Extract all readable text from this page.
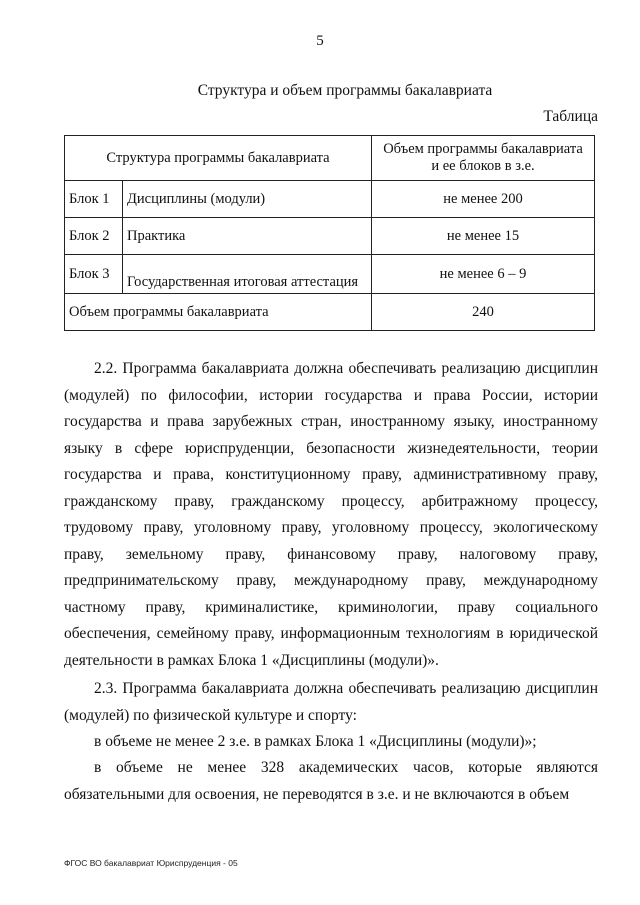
5
Структура и объем программы бакалавриата
Таблица
Структура программы бакалавриата		Объем программы бакалавриата
и ее блоков в з.е.
Блок 1	Дисциплины (модули)	не менее 200
Блок 2	Практика	не менее 15
Блок 3	Государственная итоговая аттестация	не менее 6 – 9
Объем программы бакалавриата		240

2.2. Программа бакалавриата должна обеспечивать реализацию дисциплин (модулей) по философии, истории государства и права России, истории государства и права зарубежных стран, иностранному языку, иностранному языку в сфере юриспруденции, безопасности жизнедеятельности, теории государства и права, конституционному праву, административному праву, гражданскому праву, гражданскому процессу, арбитражному процессу, трудовому праву, уголовному праву, уголовному процессу, экологическому праву, земельному праву, финансовому праву, налоговому праву, предпринимательскому праву, международному праву, международному частному праву, криминалистике, криминологии, праву социального обеспечения, семейному праву, информационным технологиям в юридической деятельности в рамках Блока 1 «Дисциплины (модули)».

2.3. Программа бакалавриата должна обеспечивать реализацию дисциплин (модулей) по физической культуре и спорту:

в объеме не менее 2 з.е. в рамках Блока 1 «Дисциплины (модули)»;

в объеме не менее 328 академических часов, которые являются обязательными для освоения, не переводятся в з.е. и не включаются в объем

ФГОС ВО бакалавриат Юриспруденция - 05
